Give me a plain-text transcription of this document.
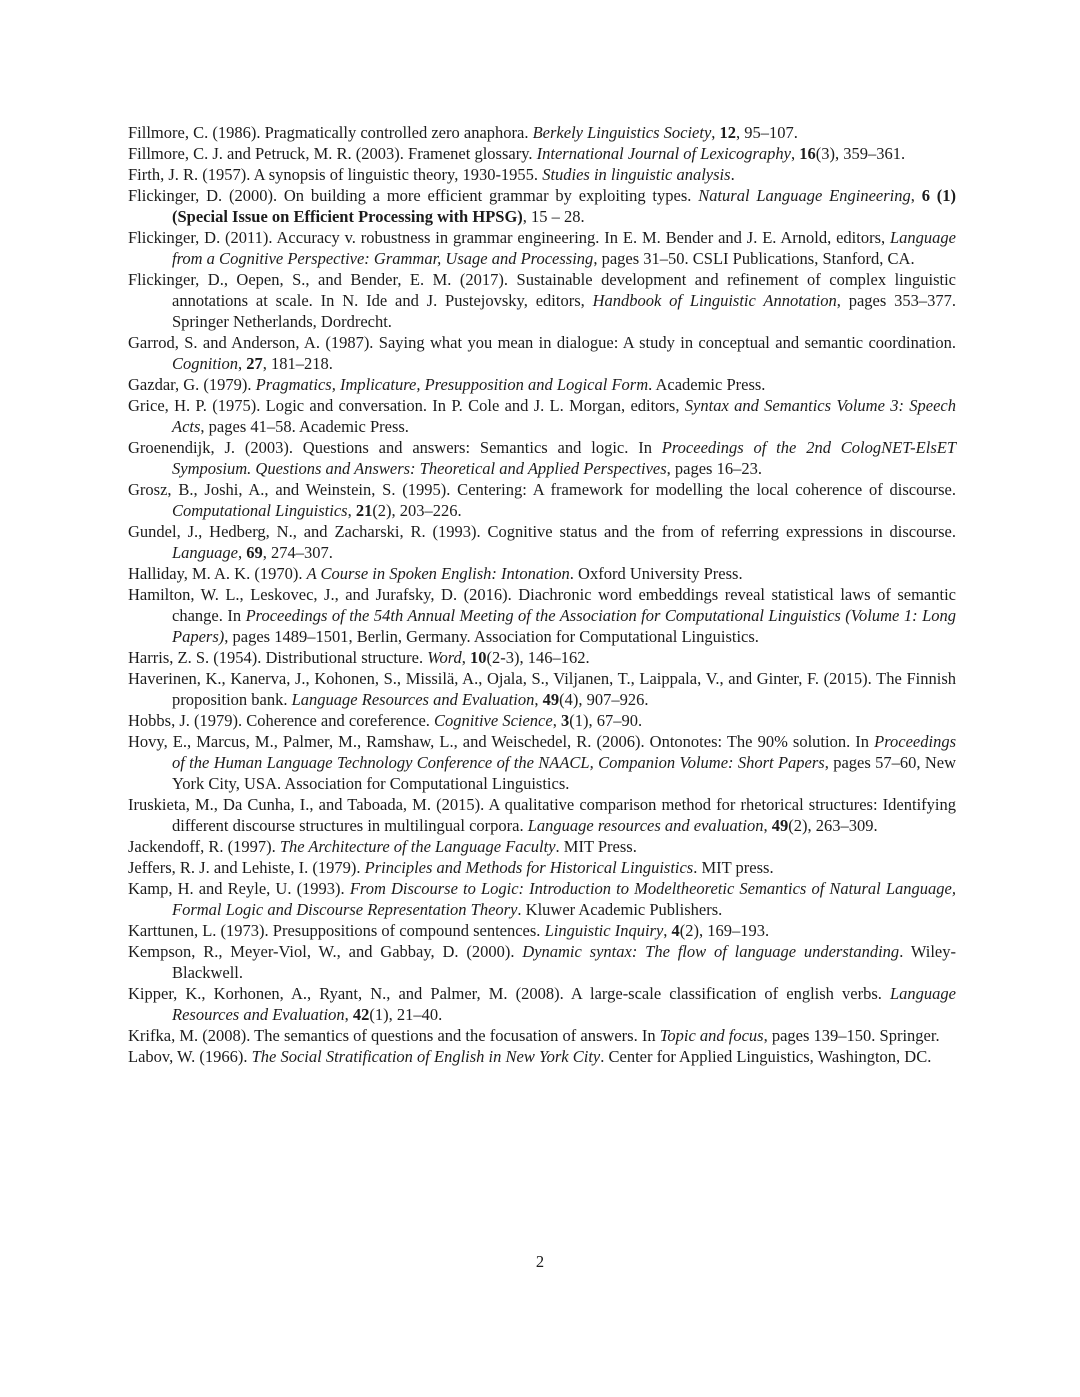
Fillmore, C. (1986). Pragmatically controlled zero anaphora. Berkely Linguistics Society, 12, 95–107.
Fillmore, C. J. and Petruck, M. R. (2003). Framenet glossary. International Journal of Lexicography, 16(3), 359–361.
Firth, J. R. (1957). A synopsis of linguistic theory, 1930-1955. Studies in linguistic analysis.
Flickinger, D. (2000). On building a more efficient grammar by exploiting types. Natural Language Engineering, 6 (1) (Special Issue on Efficient Processing with HPSG), 15 – 28.
Flickinger, D. (2011). Accuracy v. robustness in grammar engineering. In E. M. Bender and J. E. Arnold, editors, Language from a Cognitive Perspective: Grammar, Usage and Processing, pages 31–50. CSLI Publications, Stanford, CA.
Flickinger, D., Oepen, S., and Bender, E. M. (2017). Sustainable development and refinement of complex linguistic annotations at scale. In N. Ide and J. Pustejovsky, editors, Handbook of Linguistic Annotation, pages 353–377. Springer Netherlands, Dordrecht.
Garrod, S. and Anderson, A. (1987). Saying what you mean in dialogue: A study in conceptual and semantic coordination. Cognition, 27, 181–218.
Gazdar, G. (1979). Pragmatics, Implicature, Presupposition and Logical Form. Academic Press.
Grice, H. P. (1975). Logic and conversation. In P. Cole and J. L. Morgan, editors, Syntax and Semantics Volume 3: Speech Acts, pages 41–58. Academic Press.
Groenendijk, J. (2003). Questions and answers: Semantics and logic. In Proceedings of the 2nd CologNET-ElsET Symposium. Questions and Answers: Theoretical and Applied Perspectives, pages 16–23.
Grosz, B., Joshi, A., and Weinstein, S. (1995). Centering: A framework for modelling the local coherence of discourse. Computational Linguistics, 21(2), 203–226.
Gundel, J., Hedberg, N., and Zacharski, R. (1993). Cognitive status and the from of referring expressions in discourse. Language, 69, 274–307.
Halliday, M. A. K. (1970). A Course in Spoken English: Intonation. Oxford University Press.
Hamilton, W. L., Leskovec, J., and Jurafsky, D. (2016). Diachronic word embeddings reveal statistical laws of semantic change. In Proceedings of the 54th Annual Meeting of the Association for Computational Linguistics (Volume 1: Long Papers), pages 1489–1501, Berlin, Germany. Association for Computational Linguistics.
Harris, Z. S. (1954). Distributional structure. Word, 10(2-3), 146–162.
Haverinen, K., Kanerva, J., Kohonen, S., Missilä, A., Ojala, S., Viljanen, T., Laippala, V., and Ginter, F. (2015). The Finnish proposition bank. Language Resources and Evaluation, 49(4), 907–926.
Hobbs, J. (1979). Coherence and coreference. Cognitive Science, 3(1), 67–90.
Hovy, E., Marcus, M., Palmer, M., Ramshaw, L., and Weischedel, R. (2006). Ontonotes: The 90% solution. In Proceedings of the Human Language Technology Conference of the NAACL, Companion Volume: Short Papers, pages 57–60, New York City, USA. Association for Computational Linguistics.
Iruskieta, M., Da Cunha, I., and Taboada, M. (2015). A qualitative comparison method for rhetorical structures: Identifying different discourse structures in multilingual corpora. Language resources and evaluation, 49(2), 263–309.
Jackendoff, R. (1997). The Architecture of the Language Faculty. MIT Press.
Jeffers, R. J. and Lehiste, I. (1979). Principles and Methods for Historical Linguistics. MIT press.
Kamp, H. and Reyle, U. (1993). From Discourse to Logic: Introduction to Modeltheoretic Semantics of Natural Language, Formal Logic and Discourse Representation Theory. Kluwer Academic Publishers.
Karttunen, L. (1973). Presuppositions of compound sentences. Linguistic Inquiry, 4(2), 169–193.
Kempson, R., Meyer-Viol, W., and Gabbay, D. (2000). Dynamic syntax: The flow of language understanding. Wiley-Blackwell.
Kipper, K., Korhonen, A., Ryant, N., and Palmer, M. (2008). A large-scale classification of english verbs. Language Resources and Evaluation, 42(1), 21–40.
Krifka, M. (2008). The semantics of questions and the focusation of answers. In Topic and focus, pages 139–150. Springer.
Labov, W. (1966). The Social Stratification of English in New York City. Center for Applied Linguistics, Washington, DC.
2
